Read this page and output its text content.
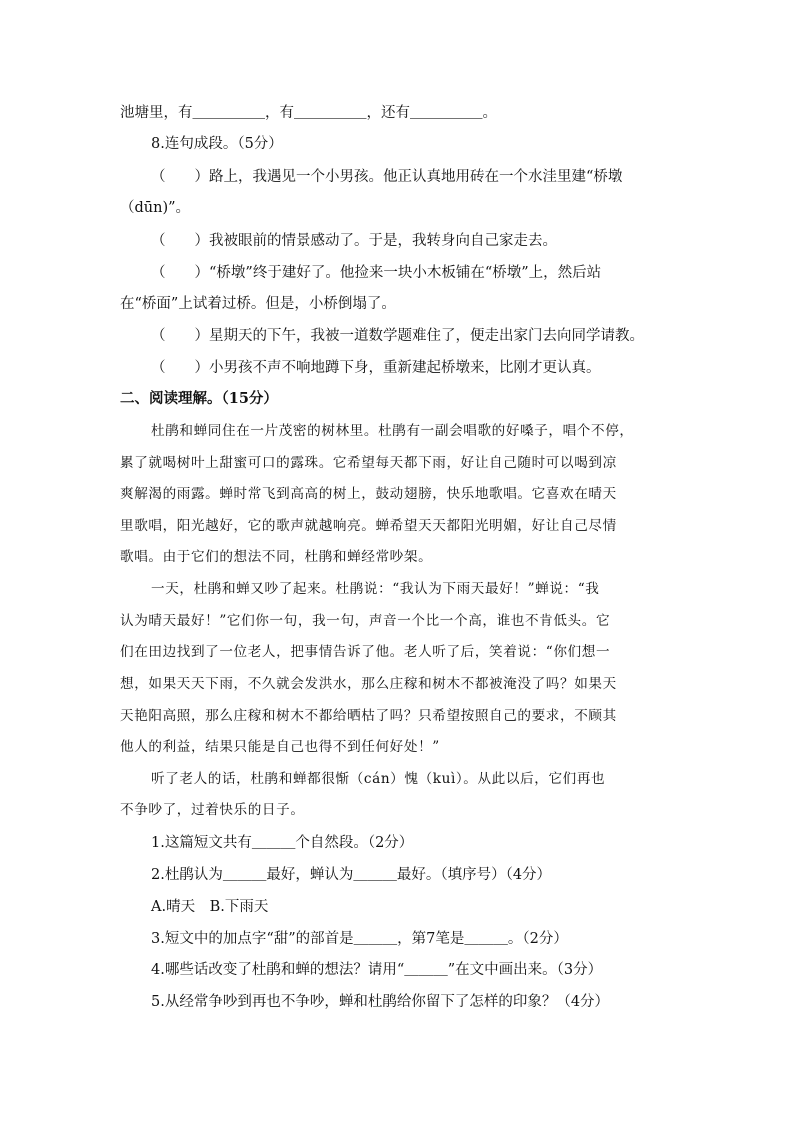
池塘里，有＿＿＿＿＿，有＿＿＿＿＿，还有＿＿＿＿＿。
8.连句成段。（5分）
（　　）路上，我遇见一个小男孩。他正认真地用砖在一个水洼里建“桥墩
（dūn)”。
（　　）我被眼前的情景感动了。于是，我转身向自己家走去。
（　　）“桥墩”终于建好了。他捡来一块小木板铺在“桥墩”上，然后站
在“桥面”上试着过桥。但是，小桥倒塌了。
（　　）星期天的下午，我被一道数学题难住了，便走出家门去向同学请教。
（　　）小男孩不声不响地蹲下身，重新建起桥墩来，比刚才更认真。
二、阅读理解。（15分）
杜鹃和蝉同住在一片茂密的树林里。杜鹃有一副会唱歌的好嗓子，唱个不停，
累了就喝树叶上甜蜜可口的露珠。它希望每天都下雨，好让自己随时可以喝到凉
爽解渴的雨露。蝉时常飞到高高的树上，鼓动翅膀，快乐地歌唱。它喜欢在晴天
里歌唱，阳光越好，它的歌声就越响亮。蝉希望天天都阳光明媚，好让自己尽情
歌唱。由于它们的想法不同，杜鹃和蝉经常吵架。
一天，杜鹃和蝉又吵了起来。杜鹃说：“我认为下雨天最好！”蝉说：“我
认为晴天最好！”它们你一句，我一句，声音一个比一个高，谁也不肯低头。它
们在田边找到了一位老人，把事情告诉了他。老人听了后，笑着说：“你们想一
想，如果天天下雨，不久就会发洪水，那么庄稼和树木不都被淹没了吗？如果天
天艳阳高照，那么庄稼和树木不都给晒枯了吗？只希望按照自己的要求，不顾其
他人的利益，结果只能是自己也得不到任何好处！”
听了老人的话，杜鹃和蝉都很惭（cán）愧（kuì）。从此以后，它们再也
不争吵了，过着快乐的日子。
1.这篇短文共有＿＿＿个自然段。（2分）
2.杜鹃认为＿＿＿最好，蝉认为＿＿＿最好。（填序号）（4分）
A.晴天　B.下雨天
3.短文中的加点字“甜”的部首是＿＿＿，第7笔是＿＿＿。（2分）
4.哪些话改变了杜鹃和蝉的想法？请用“＿＿＿”在文中画出来。（3分）
5.从经常争吵到再也不争吵，蝉和杜鹃给你留下了怎样的印象？（4分）
